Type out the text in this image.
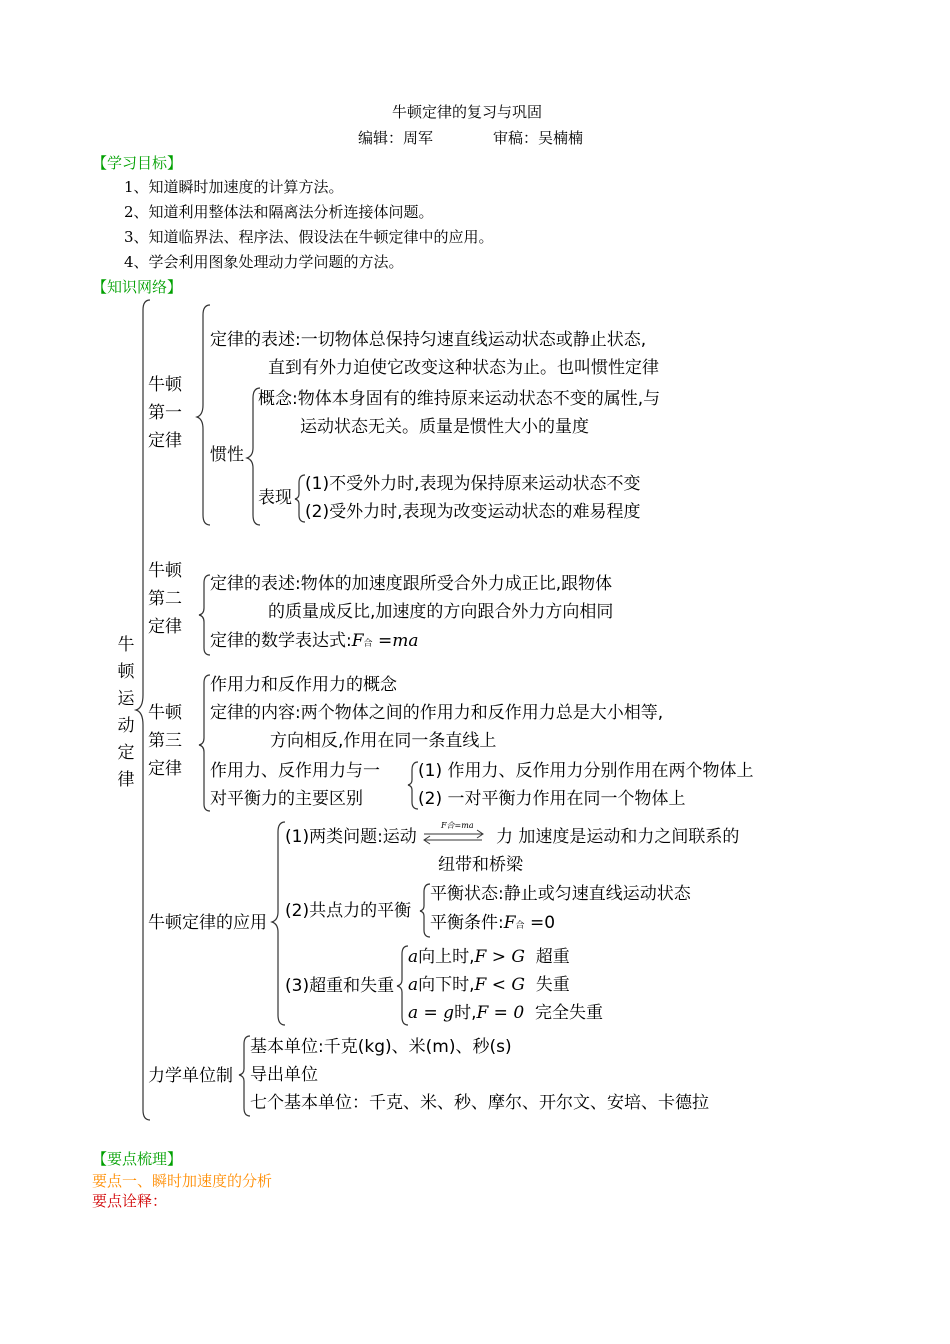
牛顿定律的复习与巩固
编辑：周军	审稿：吴楠楠
【学习目标】
1、知道瞬时加速度的计算方法。
2、知道利用整体法和隔离法分析连接体问题。
3、知道临界法、程序法、假设法在牛顿定律中的应用。
4、学会利用图象处理动力学问题的方法。
【知识网络】
牛
顿
运
动
定
律
牛顿
第一
定律
定律的表述:一切物体总保持匀速直线运动状态或静止状态,
直到有外力迫使它改变这种状态为止。也叫惯性定律
惯性
概念:物体本身固有的维持原来运动状态不变的属性,与
运动状态无关。质量是惯性大小的量度
表现
(1)不受外力时,表现为保持原来运动状态不变
(2)受外力时,表现为改变运动状态的难易程度
牛顿
第二
定律
定律的表述:物体的加速度跟所受合外力成正比,跟物体
的质量成反比,加速度的方向跟合外力方向相同
定律的数学表达式:F合 =ma
牛顿
第三
定律
作用力和反作用力的概念
定律的内容:两个物体之间的作用力和反作用力总是大小相等,
方向相反,作用在同一条直线上
作用力、反作用力与一
对平衡力的主要区别
(1) 作用力、反作用力分别作用在两个物体上
(2) 一对平衡力作用在同一个物体上
牛顿定律的应用
(1)两类问题:运动
F合=ma
力 加速度是运动和力之间联系的
纽带和桥梁
(2)共点力的平衡
平衡状态:静止或匀速直线运动状态
平衡条件:F合 =0
(3)超重和失重
a向上时,F > G 超重
a向下时,F < G 失重
a = g时,F = 0 完全失重
力学单位制
基本单位:千克(kg)、米(m)、秒(s)
导出单位
七个基本单位：千克、米、秒、摩尔、开尔文、安培、卡德拉
【要点梳理】
要点一、瞬时加速度的分析
要点诠释：
